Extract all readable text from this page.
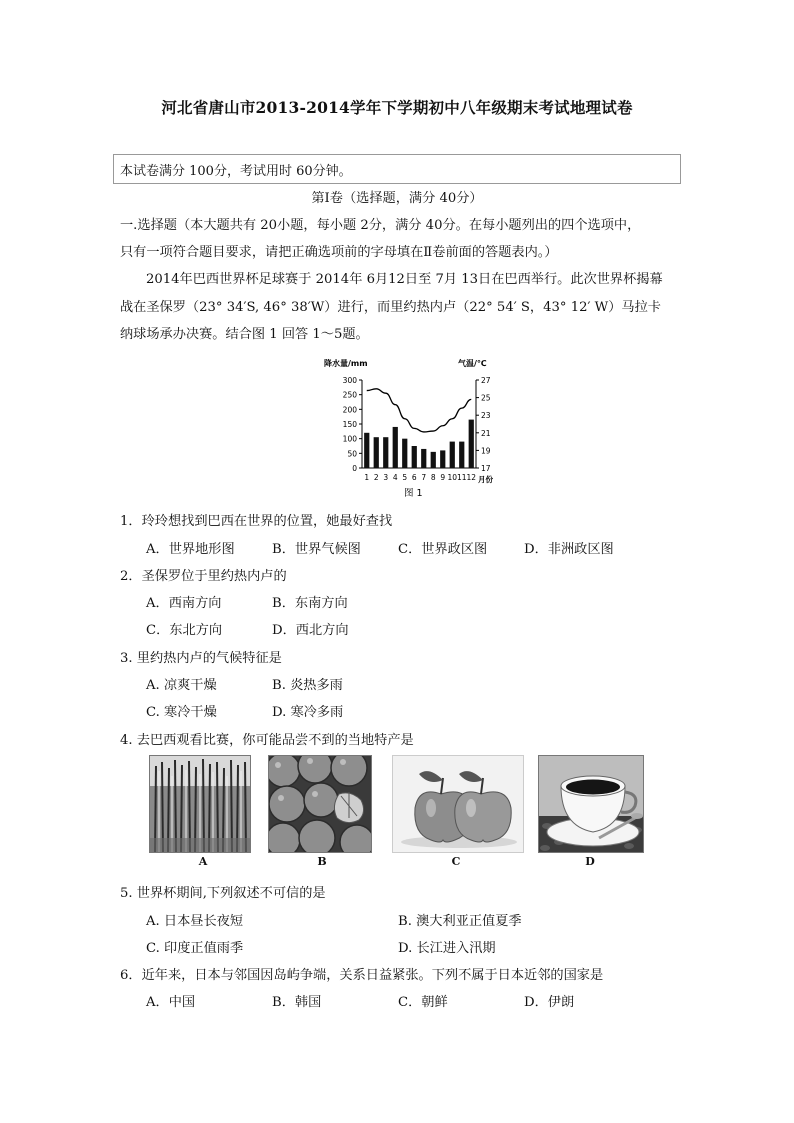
河北省唐山市2013-2014学年下学期初中八年级期末考试地理试卷
本试卷满分 100分，考试用时 60分钟。
第Ⅰ卷（选择题，满分 40分）
一.选择题（本大题共有 20小题，每小题 2分，满分 40分。在每小题列出的四个选项中，
只有一项符合题目要求，请把正确选项前的字母填在Ⅱ卷前面的答题表内。）
2014年巴西世界杯足球赛于 2014年 6月12日至 7月 13日在巴西举行。此次世界杯揭幕
战在圣保罗（23° 34′S, 46° 38′W）进行，而里约热内卢（22° 54′ S，43° 12′ W）马拉卡
纳球场承办决赛。结合图 1 回答 1～5题。
降水量/mm	气温/℃
300
250
200
150
100
50
0
27
25
23
21
19
17
1 2 3 4 5 6 7 8 9 10 11 12 月份
图 1
1．玲玲想找到巴西在世界的位置，她最好查找
A．世界地形图	B．世界气候图	C．世界政区图	D．非洲政区图
2．圣保罗位于里约热内卢的
A．西南方向	B．东南方向
C．东北方向	D．西北方向
3. 里约热内卢的气候特征是
A. 凉爽干燥	B. 炎热多雨
C. 寒冷干燥	D. 寒冷多雨
4. 去巴西观看比赛，你可能品尝不到的当地特产是
A	B	C	D
5. 世界杯期间,下列叙述不可信的是
A. 日本昼长夜短	B. 澳大利亚正值夏季
C. 印度正值雨季	D. 长江进入汛期
6．近年来，日本与邻国因岛屿争端，关系日益紧张。下列不属于日本近邻的国家是
A．中国	B．韩国	C．朝鲜	D．伊朗
